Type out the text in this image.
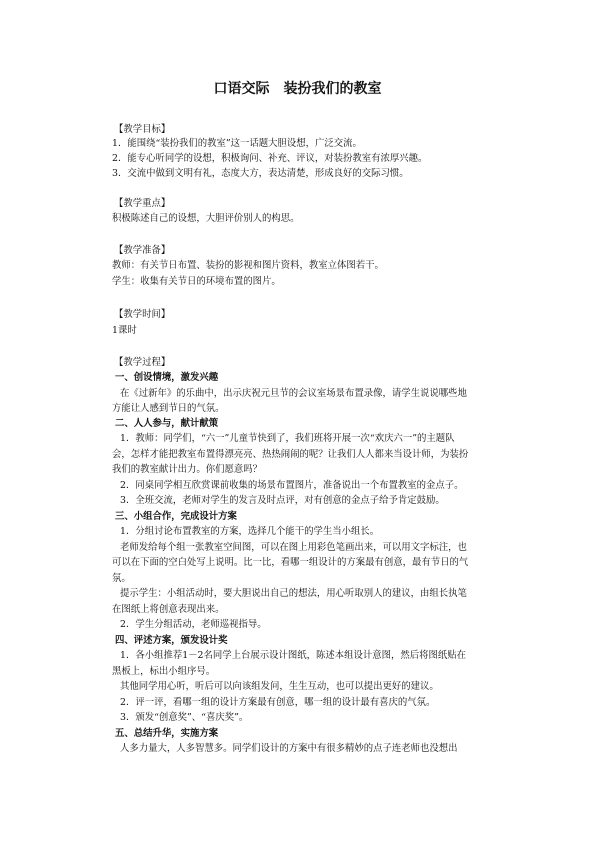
口语交际　装扮我们的教室
【教学目标】
1．能围绕“装扮我们的教室”这一话题大胆设想，广泛交流。
2．能专心听同学的设想，积极询问、补充、评议，对装扮教室有浓厚兴趣。
3．交流中做到文明有礼，态度大方，表达清楚，形成良好的交际习惯。
【教学重点】
积极陈述自己的设想，大胆评价别人的构思。
【教学准备】
教师：有关节日布置、装扮的影视和图片资料，教室立体图若干。
学生：收集有关节日的环境布置的图片。
【教学时间】
1课时
【教学过程】
一、创设情境，激发兴趣
在《过新年》的乐曲中，出示庆祝元旦节的会议室场景布置录像，请学生说说哪些地
方能让人感到节日的气氛。
二、人人参与，献计献策
1．教师：同学们，“六一”儿童节快到了，我们班将开展一次“欢庆六一”的主题队
会，怎样才能把教室布置得漂亮亮、热热闹闹的呢？让我们人人都来当设计师，为装扮
我们的教室献计出力。你们愿意吗？
2．同桌同学相互欣赏课前收集的场景布置图片，准备说出一个布置教室的金点子。
3．全班交流，老师对学生的发言及时点评，对有创意的金点子给予肯定鼓励。
三、小组合作，完成设计方案
1．分组讨论布置教室的方案，选择几个能干的学生当小组长。
老师发给每个组一张教室空间图，可以在图上用彩色笔画出来，可以用文字标注，也
可以在下面的空白处写上说明。比一比，看哪一组设计的方案最有创意，最有节日的气
氛。
提示学生：小组活动时，要大胆说出自己的想法，用心听取别人的建议，由组长执笔
在图纸上将创意表现出来。
2．学生分组活动，老师巡视指导。
四、评述方案，颁发设计奖
1．各小组推荐1－2名同学上台展示设计图纸，陈述本组设计意图，然后将图纸贴在
黑板上，标出小组序号。
其他同学用心听，听后可以向该组发问，生生互动，也可以提出更好的建议。
2．评一评，看哪一组的设计方案最有创意，哪一组的设计最有喜庆的气氛。
3．颁发“创意奖”、“喜庆奖”。
五、总结升华，实施方案
人多力量大，人多智慧多。同学们设计的方案中有很多精妙的点子连老师也没想出
